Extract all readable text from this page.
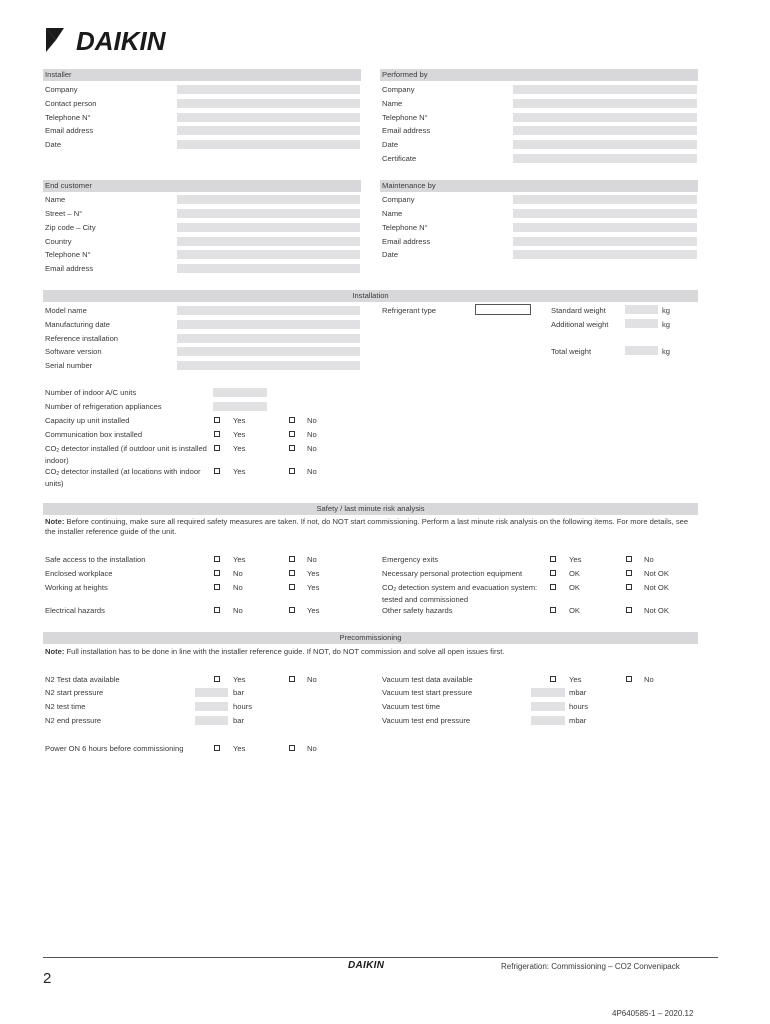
DAIKIN
Installer
Company
Contact person
Telephone N°
Email address
Date
Performed by
Company
Name
Telephone N°
Email address
Date
Certificate
End customer
Name
Street – N°
Zip code – City
Country
Telephone N°
Email address
Maintenance by
Company
Name
Telephone N°
Email address
Date
Installation
Model name
Manufacturing date
Reference installation
Software version
Serial number
Refrigerant type	Standard weight	kg
Additional weight	kg
Total weight	kg
Number of indoor A/C units
Number of refrigeration appliances
Capacity up unit installed	Yes	No
Communication box installed	Yes	No
$CO_2$ detector installed (if outdoor unit is installed indoor)
Yes	No
$CO_2$ detector installed (at locations with indoor units)
Yes	No
Safety / last minute risk analysis
Note: Before continuing, make sure all required safety measures are taken. If not, do NOT start commissioning. Perform a last minute risk analysis on the following items. For more details, see the installer reference guide of the unit.
Safe access to the installation	Yes	No
Enclosed workplace	No	Yes
Working at heights	No	Yes
Electrical hazards	No	Yes
Emergency exits	Yes	No
Necessary personal protection equipment	OK	Not OK
$CO_2$ detection system and evacuation system: tested and commissioned
OK	Not OK
Other safety hazards	OK	Not OK
Precommissioning
Note: Full installation has to be done in line with the installer reference guide. If NOT, do NOT commission and solve all open issues first.
N2 Test data available	Yes	No
N2 start pressure	bar
N2 test time	hours
N2 end pressure	bar
Vacuum test data available	Yes	No
Vacuum test start pressure	mbar
Vacuum test time	hours
Vacuum test end pressure	mbar
Power ON 6 hours before commissioning	Yes	No
DAIKIN	Refrigeration: Commissioning – CO2 Convenipack
2
4P640585-1 – 2020.12
